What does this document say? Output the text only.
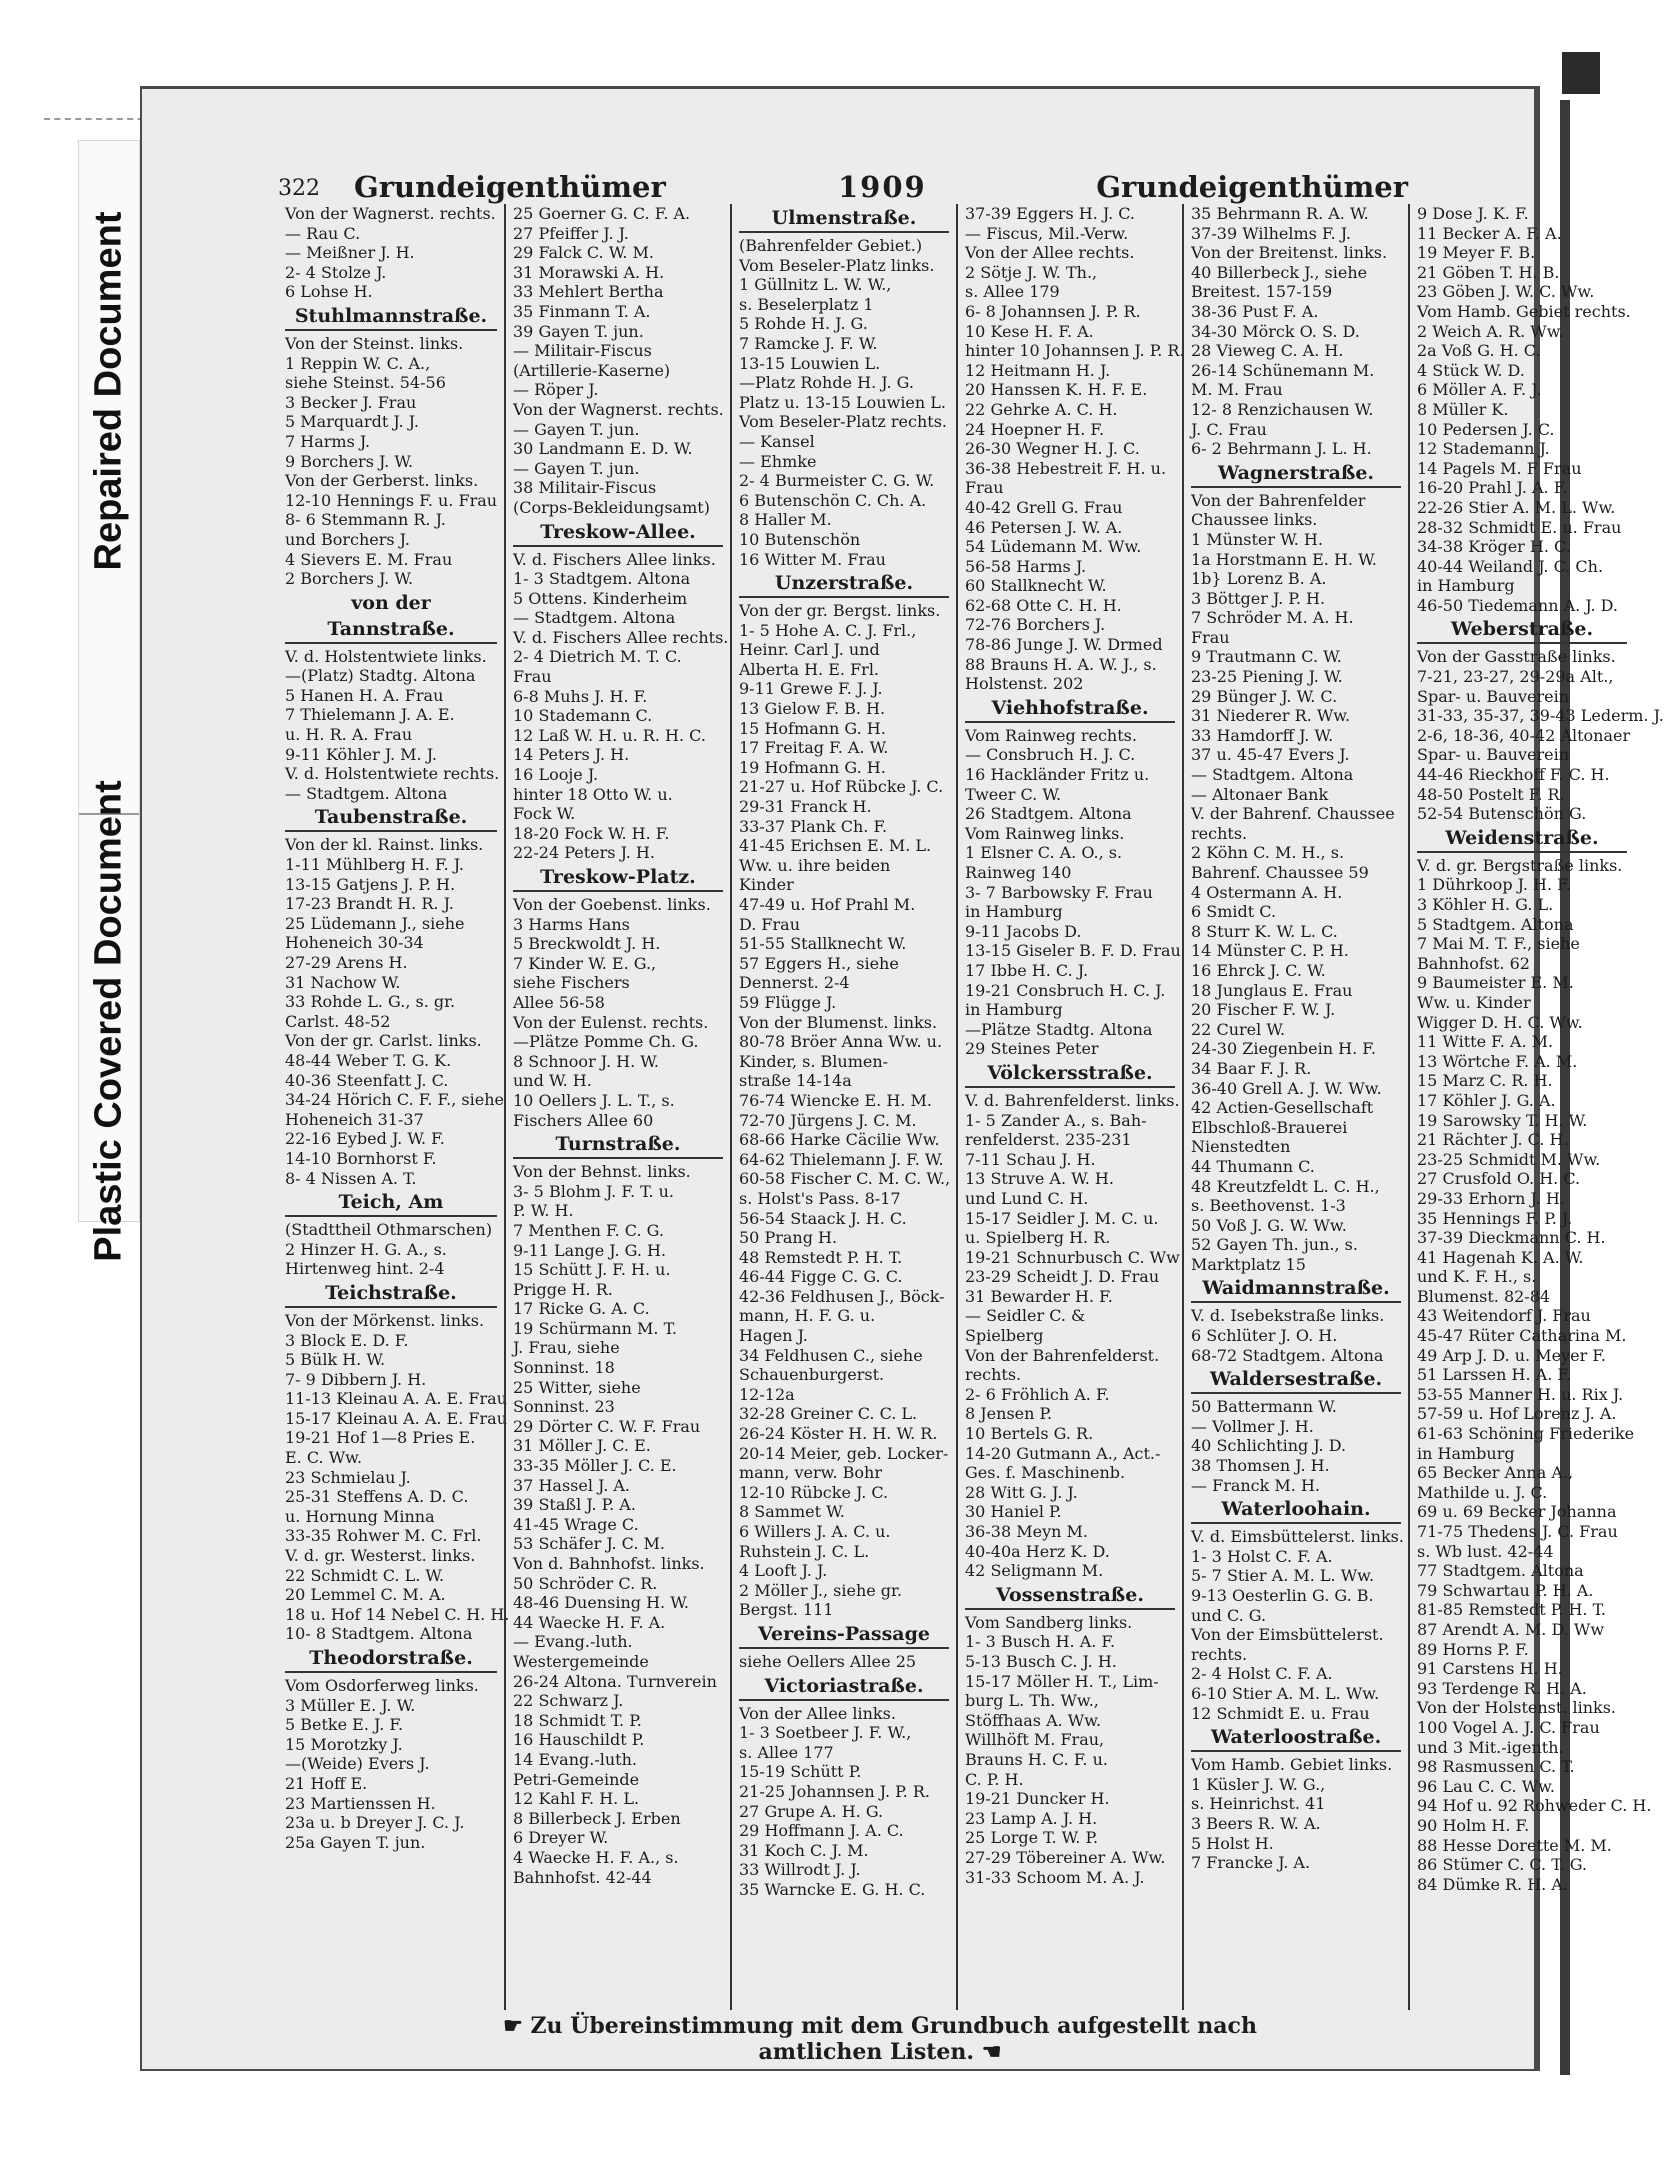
Repaired Document
Plastic Covered Document
322 Grundeigenthümer	1909	Grundeigenthümer
Von der Wagnerst. rechts.
— Rau C.
— Meißner J. H.
2- 4 Stolze J.
6 Lohse H.
Stuhlmannstraße.
Von der Steinst. links.
1 Reppin W. C. A.,
siehe Steinst. 54-56
3 Becker J. Frau
5 Marquardt J. J.
7 Harms J.
9 Borchers J. W.
Von der Gerberst. links.
12-10 Hennings F. u. Frau
8- 6 Stemmann R. J.
und Borchers J.
4 Sievers E. M. Frau
2 Borchers J. W.
von der Tannstraße.
V. d. Holstentwiete links.
—(Platz) Stadtg. Altona
5 Hanen H. A. Frau
7 Thielemann J. A. E.
u. H. R. A. Frau
9-11 Köhler J. M. J.
V. d. Holstentwiete rechts.
— Stadtgem. Altona
Taubenstraße.
Von der kl. Rainst. links.
1-11 Mühlberg H. F. J.
13-15 Gatjens J. P. H.
17-23 Brandt H. R. J.
25 Lüdemann J., siehe
Hoheneich 30-34
27-29 Arens H.
31 Nachow W.
33 Rohde L. G., s. gr.
Carlst. 48-52
Von der gr. Carlst. links.
48-44 Weber T. G. K.
40-36 Steenfatt J. C.
34-24 Hörich C. F. F., siehe
Hoheneich 31-37
22-16 Eybed J. W. F.
14-10 Bornhorst F.
8- 4 Nissen A. T.
Teich, Am
(Stadttheil Othmarschen)
2 Hinzer H. G. A., s.
Hirtenweg hint. 2-4
Teichstraße.
Von der Mörkenst. links.
3 Block E. D. F.
5 Bülk H. W.
7- 9 Dibbern J. H.
11-13 Kleinau A. A. E. Frau
15-17 Kleinau A. A. E. Frau
19-21 Hof 1—8 Pries E.
E. C. Ww.
23 Schmielau J.
25-31 Steffens A. D. C.
u. Hornung Minna
33-35 Rohwer M. C. Frl.
V. d. gr. Westerst. links.
22 Schmidt C. L. W.
20 Lemmel C. M. A.
18 u. Hof 14 Nebel C. H. H.
10- 8 Stadtgem. Altona
Theodorstraße.
Vom Osdorferweg links.
3 Müller E. J. W.
5 Betke E. J. F.
15 Morotzky J.
—(Weide) Evers J.
21 Hoff E.
23 Martienssen H.
23a u. b Dreyer J. C. J.
25a Gayen T. jun.
25 Goerner G. C. F. A.
27 Pfeiffer J. J.
29 Falck C. W. M.
31 Morawski A. H.
33 Mehlert Bertha
35 Finmann T. A.
39 Gayen T. jun.
— Militair-Fiscus
(Artillerie-Kaserne)
— Röper J.
Von der Wagnerst. rechts.
— Gayen T. jun.
30 Landmann E. D. W.
— Gayen T. jun.
38 Militair-Fiscus
(Corps-Bekleidungsamt)
Treskow-Allee.
V. d. Fischers Allee links.
1- 3 Stadtgem. Altona
5 Ottens. Kinderheim
— Stadtgem. Altona
V. d. Fischers Allee rechts.
2- 4 Dietrich M. T. C.
Frau
6-8 Muhs J. H. F.
10 Stademann C.
12 Laß W. H. u. R. H. C.
14 Peters J. H.
16 Looje J.
hinter 18 Otto W. u.
Fock W.
18-20 Fock W. H. F.
22-24 Peters J. H.
Treskow-Platz.
Von der Goebenst. links.
3 Harms Hans
5 Breckwoldt J. H.
7 Kinder W. E. G.,
siehe Fischers
Allee 56-58
Von der Eulenst. rechts.
—Plätze Pomme Ch. G.
8 Schnoor J. H. W.
und W. H.
10 Oellers J. L. T., s.
Fischers Allee 60
Turnstraße.
Von der Behnst. links.
3- 5 Blohm J. F. T. u.
P. W. H.
7 Menthen F. C. G.
9-11 Lange J. G. H.
15 Schütt J. F. H. u.
Prigge H. R.
17 Ricke G. A. C.
19 Schürmann M. T.
J. Frau, siehe
Sonninst. 18
25 Witter, siehe
Sonninst. 23
29 Dörter C. W. F. Frau
31 Möller J. C. E.
33-35 Möller J. C. E.
37 Hassel J. A.
39 Staßl J. P. A.
41-45 Wrage C.
53 Schäfer J. C. M.
Von d. Bahnhofst. links.
50 Schröder C. R.
48-46 Duensing H. W.
44 Waecke H. F. A.
— Evang.-luth.
Westergemeinde
26-24 Altona. Turnverein
22 Schwarz J.
18 Schmidt T. P.
16 Hauschildt P.
14 Evang.-luth.
Petri-Gemeinde
12 Kahl F. H. L.
8 Billerbeck J. Erben
6 Dreyer W.
4 Waecke H. F. A., s.
Bahnhofst. 42-44
Ulmenstraße.
(Bahrenfelder Gebiet.)
Vom Beseler-Platz links.
1 Güllnitz L. W. W.,
s. Beselerplatz 1
5 Rohde H. J. G.
7 Ramcke J. F. W.
13-15 Louwien L.
—Platz Rohde H. J. G.
Platz u. 13-15 Louwien L.
Vom Beseler-Platz rechts.
— Kansel
— Ehmke
2- 4 Burmeister C. G. W.
6 Butenschön C. Ch. A.
8 Haller M.
10 Butenschön
16 Witter M. Frau
Unzerstraße.
Von der gr. Bergst. links.
1- 5 Hohe A. C. J. Frl.,
Heinr. Carl J. und
Alberta H. E. Frl.
9-11 Grewe F. J. J.
13 Gielow F. B. H.
15 Hofmann G. H.
17 Freitag F. A. W.
19 Hofmann G. H.
21-27 u. Hof Rübcke J. C.
29-31 Franck H.
33-37 Plank Ch. F.
41-45 Erichsen E. M. L.
Ww. u. ihre beiden
Kinder
47-49 u. Hof Prahl M.
D. Frau
51-55 Stallknecht W.
57 Eggers H., siehe
Dennerst. 2-4
59 Flügge J.
Von der Blumenst. links.
80-78 Bröer Anna Ww. u.
Kinder, s. Blumen-
straße 14-14a
76-74 Wiencke E. H. M.
72-70 Jürgens J. C. M.
68-66 Harke Cäcilie Ww.
64-62 Thielemann J. F. W.
60-58 Fischer C. M. C. W.,
s. Holst's Pass. 8-17
56-54 Staack J. H. C.
50 Prang H.
48 Remstedt P. H. T.
46-44 Figge C. G. C.
42-36 Feldhusen J., Böck-
mann, H. F. G. u.
Hagen J.
34 Feldhusen C., siehe
Schauenburgerst.
12-12a
32-28 Greiner C. C. L.
26-24 Köster H. H. W. R.
20-14 Meier, geb. Locker-
mann, verw. Bohr
12-10 Rübcke J. C.
8 Sammet W.
6 Willers J. A. C. u.
Ruhstein J. C. L.
4 Looft J. J.
2 Möller J., siehe gr.
Bergst. 111
Vereins-Passage
siehe Oellers Allee 25
Victoriastraße.
Von der Allee links.
1- 3 Soetbeer J. F. W.,
s. Allee 177
15-19 Schütt P.
21-25 Johannsen J. P. R.
27 Grupe A. H. G.
29 Hoffmann J. A. C.
31 Koch C. J. M.
33 Willrodt J. J.
35 Warncke E. G. H. C.
37-39 Eggers H. J. C.
— Fiscus, Mil.-Verw.
Von der Allee rechts.
2 Sötje J. W. Th.,
s. Allee 179
6- 8 Johannsen J. P. R.
10 Kese H. F. A.
hinter 10 Johannsen J. P. R.
12 Heitmann H. J.
20 Hanssen K. H. F. E.
22 Gehrke A. C. H.
24 Hoepner H. F.
26-30 Wegner H. J. C.
36-38 Hebestreit F. H. u.
Frau
40-42 Grell G. Frau
46 Petersen J. W. A.
54 Lüdemann M. Ww.
56-58 Harms J.
60 Stallknecht W.
62-68 Otte C. H. H.
72-76 Borchers J.
78-86 Junge J. W. Drmed
88 Brauns H. A. W. J., s.
Holstenst. 202
Viehhofstraße.
Vom Rainweg rechts.
— Consbruch H. J. C.
16 Hackländer Fritz u.
Tweer C. W.
26 Stadtgem. Altona
Vom Rainweg links.
1 Elsner C. A. O., s.
Rainweg 140
3- 7 Barbowsky F. Frau
in Hamburg
9-11 Jacobs D.
13-15 Giseler B. F. D. Frau
17 Ibbe H. C. J.
19-21 Consbruch H. C. J.
in Hamburg
—Plätze Stadtg. Altona
29 Steines Peter
Völckersstraße.
V. d. Bahrenfelderst. links.
1- 5 Zander A., s. Bah-
renfelderst. 235-231
7-11 Schau J. H.
13 Struve A. W. H.
und Lund C. H.
15-17 Seidler J. M. C. u.
u. Spielberg H. R.
19-21 Schnurbusch C. Ww
23-29 Scheidt J. D. Frau
31 Bewarder H. F.
— Seidler C. &
Spielberg
Von der Bahrenfelderst.
rechts.
2- 6 Fröhlich A. F.
8 Jensen P.
10 Bertels G. R.
14-20 Gutmann A., Act.-
Ges. f. Maschinenb.
28 Witt G. J. J.
30 Haniel P.
36-38 Meyn M.
40-40a Herz K. D.
42 Seligmann M.
Vossenstraße.
Vom Sandberg links.
1- 3 Busch H. A. F.
5-13 Busch C. J. H.
15-17 Möller H. T., Lim-
burg L. Th. Ww.,
Stöffhaas A. Ww.
Willhöft M. Frau,
Brauns H. C. F. u.
C. P. H.
19-21 Duncker H.
23 Lamp A. J. H.
25 Lorge T. W. P.
27-29 Töbereiner A. Ww.
31-33 Schoom M. A. J.
35 Behrmann R. A. W.
37-39 Wilhelms F. J.
Von der Breitenst. links.
40 Billerbeck J., siehe
Breitest. 157-159
38-36 Pust F. A.
34-30 Mörck O. S. D.
28 Vieweg C. A. H.
26-14 Schünemann M.
M. M. Frau
12- 8 Renzichausen W.
J. C. Frau
6- 2 Behrmann J. L. H.
Wagnerstraße.
Von der Bahrenfelder
Chaussee links.
1 Münster W. H.
1a Horstmann E. H. W.
1b} Lorenz B. A.
3 Böttger J. P. H.
7 Schröder M. A. H.
Frau
9 Trautmann C. W.
23-25 Piening J. W.
29 Bünger J. W. C.
31 Niederer R. Ww.
33 Hamdorff J. W.
37 u. 45-47 Evers J.
— Stadtgem. Altona
— Altonaer Bank
V. der Bahrenf. Chaussee
rechts.
2 Köhn C. M. H., s.
Bahrenf. Chaussee 59
4 Ostermann A. H.
6 Smidt C.
8 Sturr K. W. L. C.
14 Münster C. P. H.
16 Ehrck J. C. W.
18 Junglaus E. Frau
20 Fischer F. W. J.
22 Curel W.
24-30 Ziegenbein H. F.
34 Baar F. J. R.
36-40 Grell A. J. W. Ww.
42 Actien-Gesellschaft
Elbschloß-Brauerei
Nienstedten
44 Thumann C.
48 Kreutzfeldt L. C. H.,
s. Beethovenst. 1-3
50 Voß J. G. W. Ww.
52 Gayen Th. jun., s.
Marktplatz 15
Waidmannstraße.
V. d. Isebekstraße links.
6 Schlüter J. O. H.
68-72 Stadtgem. Altona
Waldersestraße.
50 Battermann W.
— Vollmer J. H.
40 Schlichting J. D.
38 Thomsen J. H.
— Franck M. H.
Waterloohain.
V. d. Eimsbüttelerst. links.
1- 3 Holst C. F. A.
5- 7 Stier A. M. L. Ww.
9-13 Oesterlin G. G. B.
und C. G.
Von der Eimsbüttelerst.
rechts.
2- 4 Holst C. F. A.
6-10 Stier A. M. L. Ww.
12 Schmidt E. u. Frau
Waterloostraße.
Vom Hamb. Gebiet links.
1 Küsler J. W. G.,
s. Heinrichst. 41
3 Beers R. W. A.
5 Holst H.
7 Francke J. A.
9 Dose J. K. F.
11 Becker A. F. A.
19 Meyer F. B.
21 Göben T. H. B.
23 Göben J. W. C. Ww.
Vom Hamb. Gebiet rechts.
2 Weich A. R. Ww.
2a Voß G. H. C.
4 Stück W. D.
6 Möller A. F. J.
8 Müller K.
10 Pedersen J. C.
12 Stademann J.
14 Pagels M. F Frau
16-20 Prahl J. A. F.
22-26 Stier A. M. L. Ww.
28-32 Schmidt E. u. Frau
34-38 Kröger H. C.
40-44 Weiland J. C. Ch.
in Hamburg
46-50 Tiedemann A. J. D.
Weberstraße.
Von der Gasstraße links.
7-21, 23-27, 29-29a Alt.,
Spar- u. Bauverein
31-33, 35-37, 39-43 Lederm. J.
2-6, 18-36, 40-42 Altonaer
Spar- u. Bauverein
44-46 Rieckhoff F. C. H.
48-50 Postelt F. R.
52-54 Butenschön G.
Weidenstraße.
V. d. gr. Bergstraße links.
1 Dührkoop J. H. F.
3 Köhler H. G. L.
5 Stadtgem. Altona
7 Mai M. T. F., siehe
Bahnhofst. 62
9 Baumeister E. M.
Ww. u. Kinder
Wigger D. H. C. Ww.
11 Witte F. A. M.
13 Wörtche F. A. M.
15 Marz C. R. H.
17 Köhler J. G. A.
19 Sarowsky T. H. W.
21 Rächter J. C. H.
23-25 Schmidt M. Ww.
27 Crusfold O. H. C.
29-33 Erhorn J. H.
35 Hennings F. P. J.
37-39 Dieckmann C. H.
41 Hagenah K. A. W.
und K. F. H., s.
Blumenst. 82-84
43 Weitendorf J. Frau
45-47 Rüter Catharina M.
49 Arp J. D. u. Meyer F.
51 Larssen H. A. F.
53-55 Manner H. u. Rix J.
57-59 u. Hof Lorenz J. A.
61-63 Schöning Friederike
in Hamburg
65 Becker Anna A.,
Mathilde u. J. C.
69 u. 69 Becker Johanna
71-75 Thedens J. C. Frau
s. Wb lust. 42-44
77 Stadtgem. Altona
79 Schwartau P. H. A.
81-85 Remstedt P. H. T.
87 Arendt A. M. D. Ww
89 Horns P. F.
91 Carstens H. H.
93 Terdenge R. H. A.
Von der Holstenst. links.
100 Vogel A. J. C. Frau
und 3 Mit.-igenth.
98 Rasmussen C. T.
96 Lau C. C. Ww.
94 Hof u. 92 Rohweder C. H.
90 Holm H. F.
88 Hesse Dorette M. M.
86 Stümer C. C. T. G.
84 Dümke R. H. A.
☛ Zu Übereinstimmung mit dem Grundbuch aufgestellt nach amtlichen Listen. ☚
